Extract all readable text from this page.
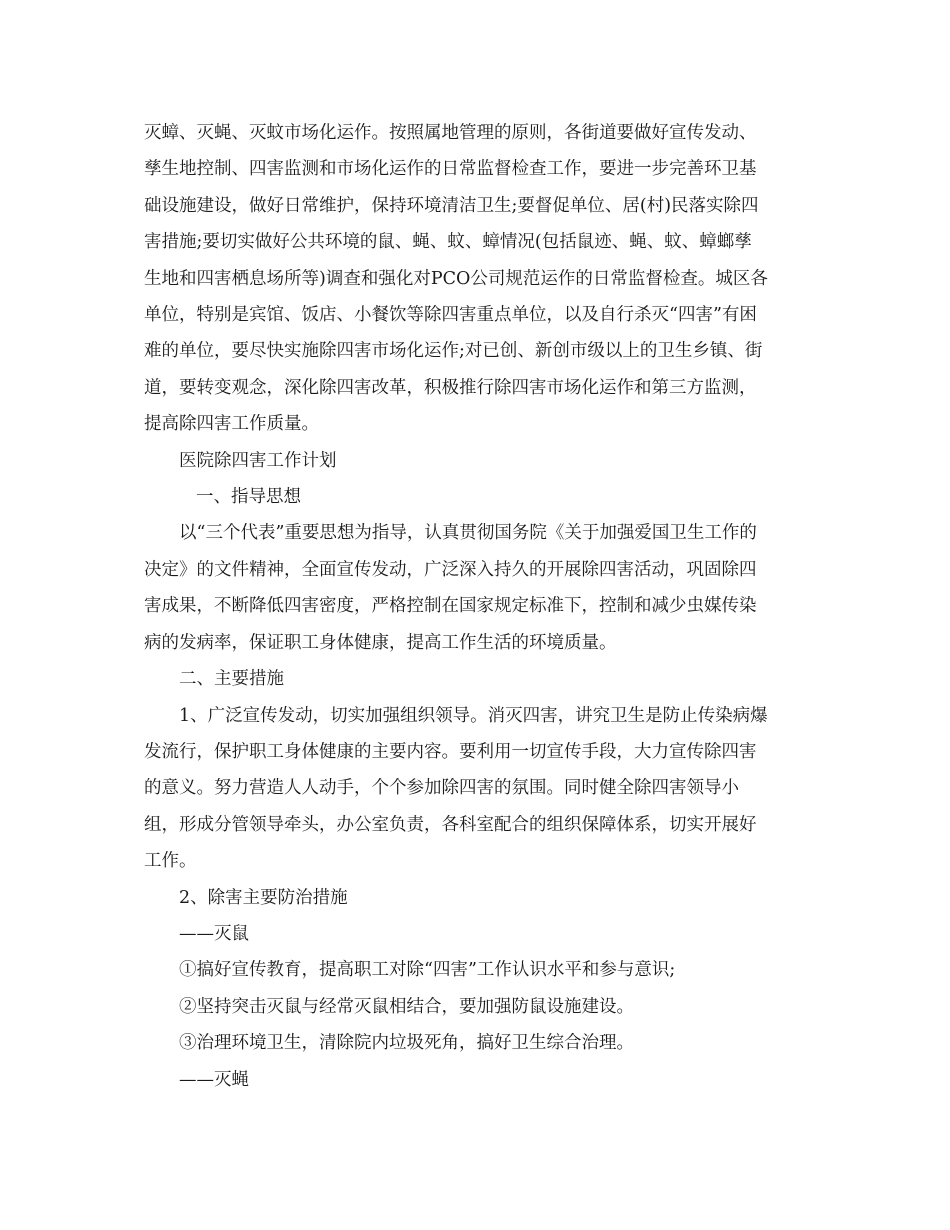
灭蟑、灭蝇、灭蚊市场化运作。按照属地管理的原则，各街道要做好宣传发动、
孳生地控制、四害监测和市场化运作的日常监督检查工作，要进一步完善环卫基
础设施建设，做好日常维护，保持环境清洁卫生;要督促单位、居(村)民落实除四
害措施;要切实做好公共环境的鼠、蝇、蚊、蟑情况(包括鼠迹、蝇、蚊、蟑螂孳
生地和四害栖息场所等)调查和强化对PCO公司规范运作的日常监督检查。城区各
单位，特别是宾馆、饭店、小餐饮等除四害重点单位，以及自行杀灭“四害”有困
难的单位，要尽快实施除四害市场化运作;对已创、新创市级以上的卫生乡镇、街
道，要转变观念，深化除四害改革，积极推行除四害市场化运作和第三方监测，
提高除四害工作质量。
医院除四害工作计划
一、指导思想
以“三个代表”重要思想为指导，认真贯彻国务院《关于加强爱国卫生工作的
决定》的文件精神，全面宣传发动，广泛深入持久的开展除四害活动，巩固除四
害成果，不断降低四害密度，严格控制在国家规定标准下，控制和减少虫媒传染
病的发病率，保证职工身体健康，提高工作生活的环境质量。
二、主要措施
1、广泛宣传发动，切实加强组织领导。消灭四害，讲究卫生是防止传染病爆
发流行，保护职工身体健康的主要内容。要利用一切宣传手段，大力宣传除四害
的意义。努力营造人人动手，个个参加除四害的氛围。同时健全除四害领导小
组，形成分管领导牵头，办公室负责，各科室配合的组织保障体系，切实开展好
工作。
2、除害主要防治措施
——灭鼠
①搞好宣传教育，提高职工对除“四害”工作认识水平和参与意识;
②坚持突击灭鼠与经常灭鼠相结合，要加强防鼠设施建设。
③治理环境卫生，清除院内垃圾死角，搞好卫生综合治理。
——灭蝇
